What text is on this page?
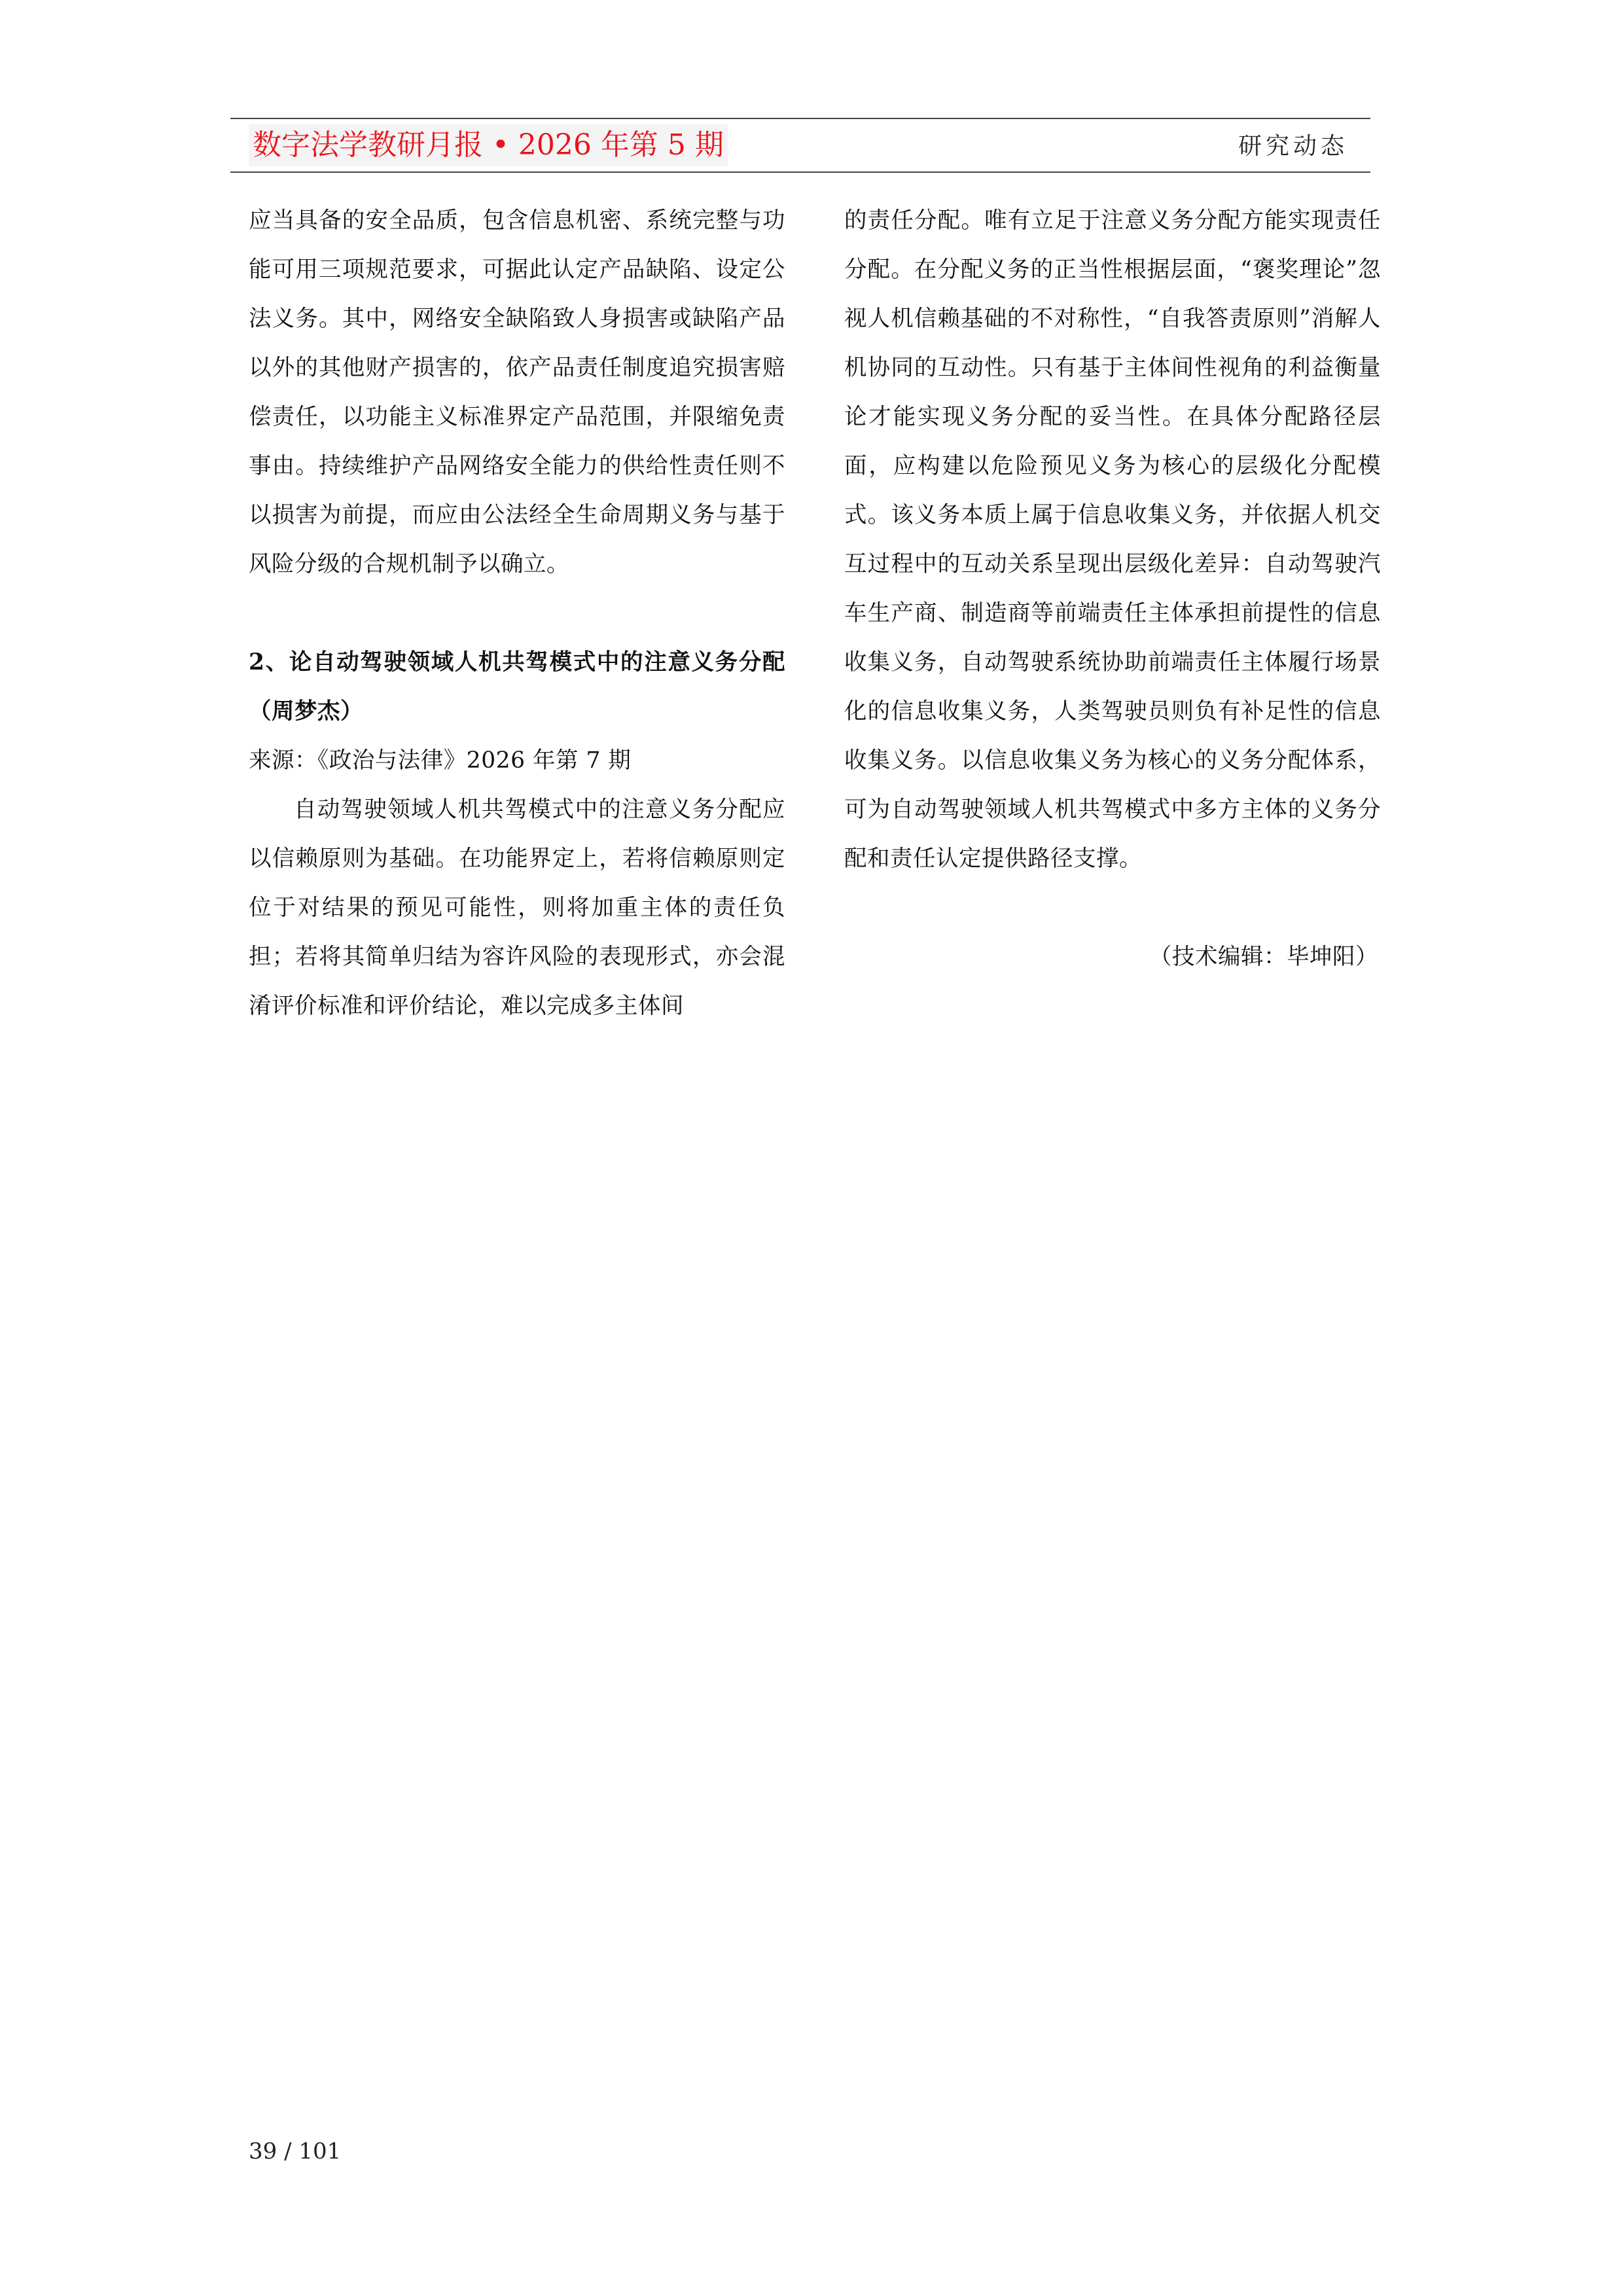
数字法学教研月报 • 2026 年第 5 期	研究动态

应当具备的安全品质，包含信息机密、系统完整与功能可用三项规范要求，可据此认定产品缺陷、设定公法义务。其中，网络安全缺陷致人身损害或缺陷产品以外的其他财产损害的，依产品责任制度追究损害赔偿责任，以功能主义标准界定产品范围，并限缩免责事由。持续维护产品网络安全能力的供给性责任则不以损害为前提，而应由公法经全生命周期义务与基于风险分级的合规机制予以确立。

2、论自动驾驶领域人机共驾模式中的注意义务分配（周梦杰）

来源：《政治与法律》2026 年第 7 期

自动驾驶领域人机共驾模式中的注意义务分配应以信赖原则为基础。在功能界定上，若将信赖原则定位于对结果的预见可能性，则将加重主体的责任负担；若将其简单归结为容许风险的表现形式，亦会混淆评价标准和评价结论，难以完成多主体间

的责任分配。唯有立足于注意义务分配方能实现责任分配。在分配义务的正当性根据层面，“褒奖理论”忽视人机信赖基础的不对称性，“自我答责原则”消解人机协同的互动性。只有基于主体间性视角的利益衡量论才能实现义务分配的妥当性。在具体分配路径层面，应构建以危险预见义务为核心的层级化分配模式。该义务本质上属于信息收集义务，并依据人机交互过程中的互动关系呈现出层级化差异：自动驾驶汽车生产商、制造商等前端责任主体承担前提性的信息收集义务，自动驾驶系统协助前端责任主体履行场景化的信息收集义务，人类驾驶员则负有补足性的信息收集义务。以信息收集义务为核心的义务分配体系，可为自动驾驶领域人机共驾模式中多方主体的义务分配和责任认定提供路径支撑。

（技术编辑：毕坤阳）

39 / 101
